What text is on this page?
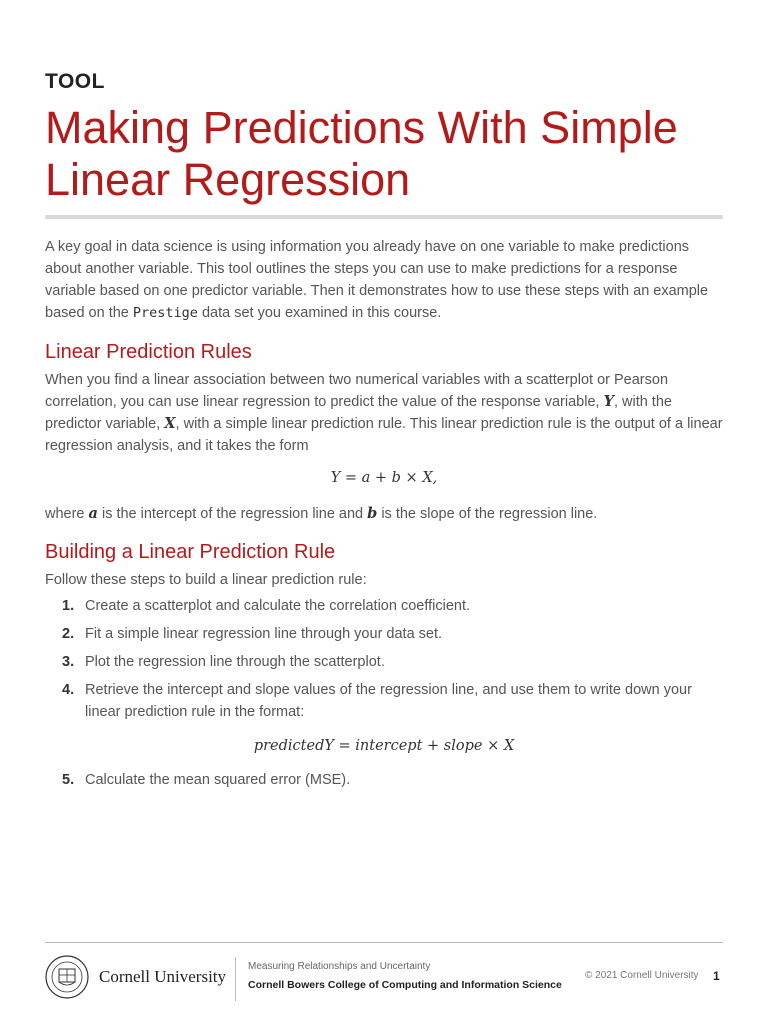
TOOL
Making Predictions With Simple Linear Regression

A key goal in data science is using information you already have on one variable to make predictions about another variable. This tool outlines the steps you can use to make predictions for a response variable based on one predictor variable. Then it demonstrates how to use these steps with an example based on the Prestige data set you examined in this course.

Linear Prediction Rules

When you find a linear association between two numerical variables with a scatterplot or Pearson correlation, you can use linear regression to predict the value of the response variable, Y, with the predictor variable, X, with a simple linear prediction rule. This linear prediction rule is the output of a linear regression analysis, and it takes the form

Y = a + b × X,

where a is the intercept of the regression line and b is the slope of the regression line.

Building a Linear Prediction Rule

Follow these steps to build a linear prediction rule:

1. Create a scatterplot and calculate the correlation coefficient.
2. Fit a simple linear regression line through your data set.
3. Plot the regression line through the scatterplot.
4. Retrieve the intercept and slope values of the regression line, and use them to write down your linear prediction rule in the format:
predictedY = intercept + slope × X
5. Calculate the mean squared error (MSE).
Cornell University
Measuring Relationships and Uncertainty
Cornell Bowers College of Computing and Information Science
© 2021 Cornell University 1
